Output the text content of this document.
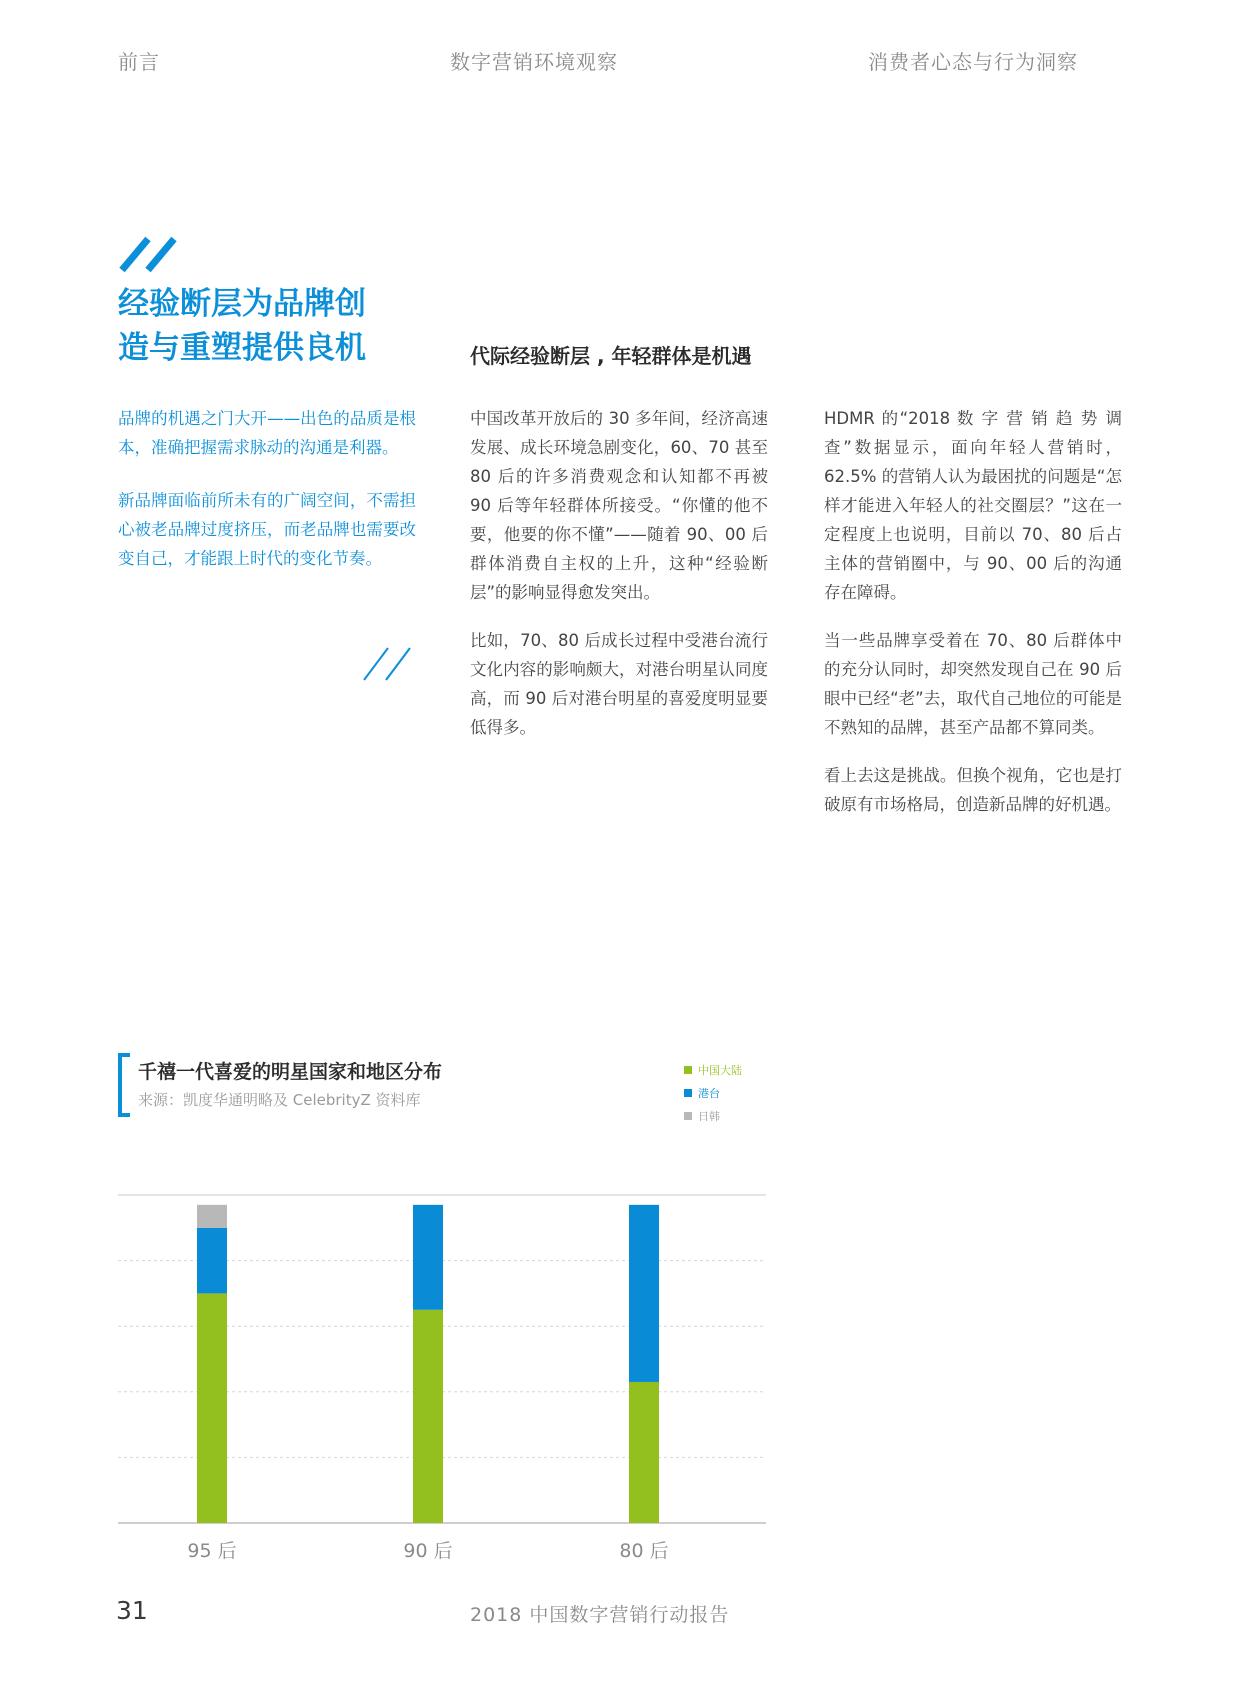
前言	数字营销环境观察	消费者心态与行为洞察
经验断层为品牌创
造与重塑提供良机	代际经验断层 , 年轻群体是机遇

品牌的机遇之门大开——出色的品质是根本，准确把握需求脉动的沟通是利器。

新品牌面临前所未有的广阔空间，不需担心被老品牌过度挤压，而老品牌也需要改变自己，才能跟上时代的变化节奏。

中国改革开放后的 30 多年间，经济高速发展、成长环境急剧变化，60、70 甚至 80 后的许多消费观念和认知都不再被 90 后等年轻群体所接受。“你懂的他不要，他要的你不懂”——随着 90、00 后群体消费自主权的上升，这种“经验断层”的影响显得愈发突出。

比如，70、80 后成长过程中受港台流行文化内容的影响颇大，对港台明星认同度高，而 90 后对港台明星的喜爱度明显要低得多。

HDMR 的“2018 数 字 营 销 趋 势 调 查”数据显示，面向年轻人营销时，62.5% 的营销人认为最困扰的问题是“怎样才能进入年轻人的社交圈层？”这在一定程度上也说明，目前以 70、80 后占主体的营销圈中，与 90、00 后的沟通存在障碍。

当一些品牌享受着在 70、80 后群体中的充分认同时，却突然发现自己在 90 后眼中已经“老”去，取代自己地位的可能是不熟知的品牌，甚至产品都不算同类。

看上去这是挑战。但换个视角，它也是打破原有市场格局，创造新品牌的好机遇。

千禧一代喜爱的明星国家和地区分布
来源：凯度华通明略及 CelebrityZ 资料库
中国大陆
港台
日韩
95 后	90 后	80 后
31	2018 中国数字营销行动报告
